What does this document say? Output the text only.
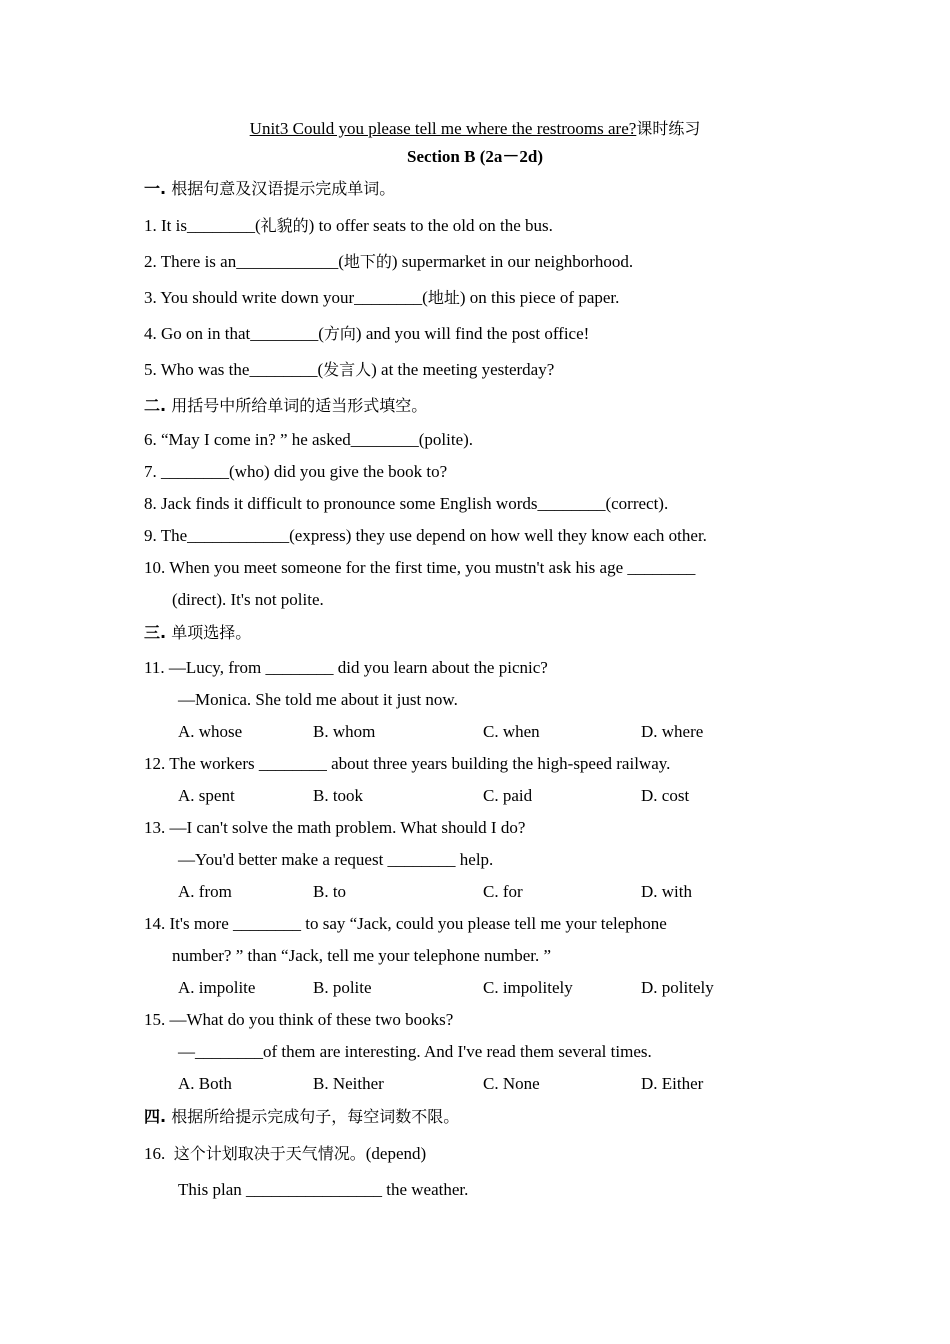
Unit3 Could you please tell me where the restrooms are?课时练习
Section B (2a－2d)
一. 根据句意及汉语提示完成单词。
1. It is________(礼貌的) to offer seats to the old on the bus.
2. There is an____________(地下的) supermarket in our neighborhood.
3. You should write down your________(地址) on this piece of paper.
4. Go on in that________(方向) and you will find the post office!
5. Who was the________(发言人) at the meeting yesterday?
二. 用括号中所给单词的适当形式填空。
6. “May I come in? ” he asked________(polite).
7. ________(who) did you give the book to?
8. Jack finds it difficult to pronounce some English words________(correct).
9. The____________(express) they use depend on how well they know each other.
10. When you meet someone for the first time, you mustn't ask his age ________
(direct). It's not polite.
三. 单项选择。
11. —Lucy, from ________ did you learn about the picnic?
—Monica. She told me about it just now.
A. whose	B. whom	C. when	D. where
12. The workers ________ about three years building the high-speed railway.
A. spent	B. took	C. paid	D. cost
13. —I can't solve the math problem. What should I do?
—You'd better make a request ________ help.
A. from	B. to	C. for	D. with
14. It's more ________ to say “Jack, could you please tell me your telephone
number? ” than “Jack, tell me your telephone number. ”
A. impolite	B. polite	C. impolitely	D. politely
15. —What do you think of these two books?
—________of them are interesting. And I've read them several times.
A. Both	B. Neither	C. None	D. Either
四. 根据所给提示完成句子，每空词数不限。
16. 这个计划取决于天气情况。(depend)
This plan ________________ the weather.
